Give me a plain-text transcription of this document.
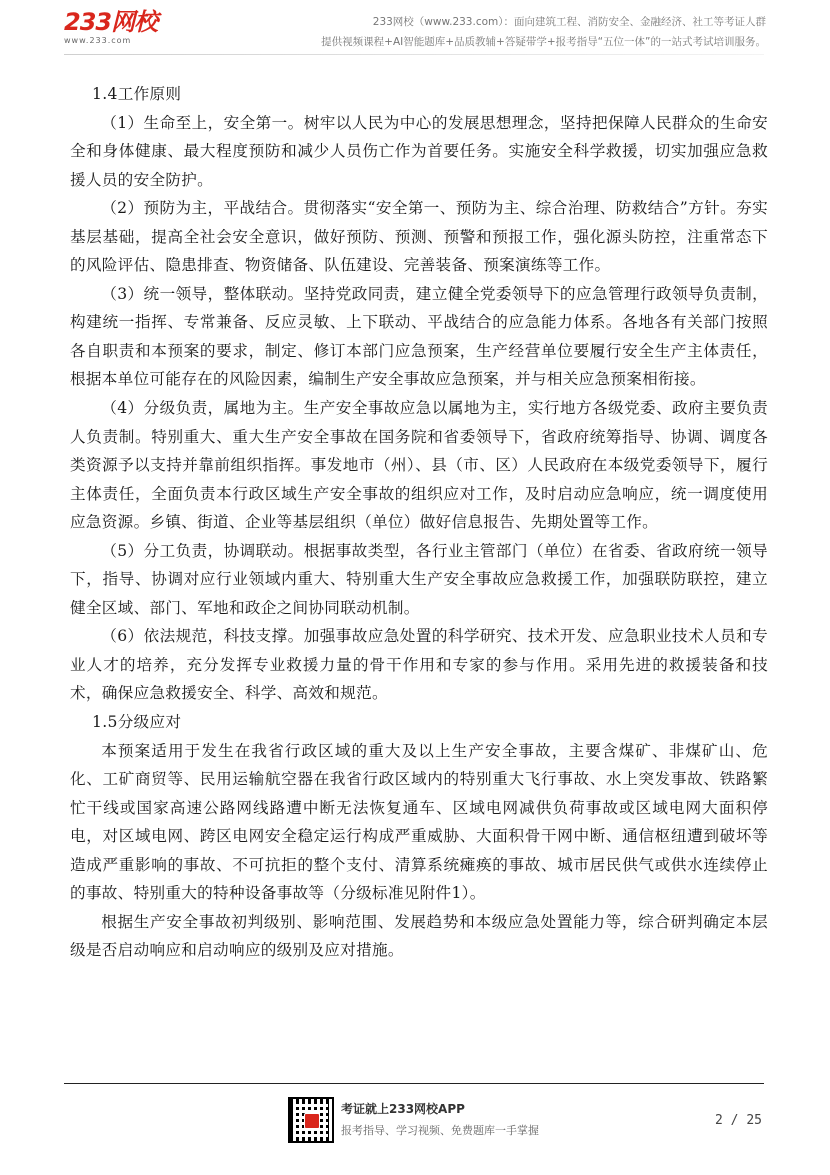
233网校
www.233.com
233网校（www.233.com）：面向建筑工程、消防安全、金融经济、社工等考证人群
提供视频课程+AI智能题库+品质教辅+答疑带学+报考指导“五位一体”的一站式考试培训服务。

1.4工作原则

（1）生命至上，安全第一。树牢以人民为中心的发展思想理念，坚持把保障人民群众的生命安全和身体健康、最大程度预防和减少人员伤亡作为首要任务。实施安全科学救援，切实加强应急救援人员的安全防护。

（2）预防为主，平战结合。贯彻落实“安全第一、预防为主、综合治理、防救结合”方针。夯实基层基础，提高全社会安全意识，做好预防、预测、预警和预报工作，强化源头防控，注重常态下的风险评估、隐患排查、物资储备、队伍建设、完善装备、预案演练等工作。

（3）统一领导，整体联动。坚持党政同责，建立健全党委领导下的应急管理行政领导负责制，构建统一指挥、专常兼备、反应灵敏、上下联动、平战结合的应急能力体系。各地各有关部门按照各自职责和本预案的要求，制定、修订本部门应急预案，生产经营单位要履行安全生产主体责任，根据本单位可能存在的风险因素，编制生产安全事故应急预案，并与相关应急预案相衔接。

（4）分级负责，属地为主。生产安全事故应急以属地为主，实行地方各级党委、政府主要负责人负责制。特别重大、重大生产安全事故在国务院和省委领导下，省政府统筹指导、协调、调度各类资源予以支持并靠前组织指挥。事发地市（州）、县（市、区）人民政府在本级党委领导下，履行主体责任，全面负责本行政区域生产安全事故的组织应对工作，及时启动应急响应，统一调度使用应急资源。乡镇、街道、企业等基层组织（单位）做好信息报告、先期处置等工作。

（5）分工负责，协调联动。根据事故类型，各行业主管部门（单位）在省委、省政府统一领导下，指导、协调对应行业领域内重大、特别重大生产安全事故应急救援工作，加强联防联控，建立健全区域、部门、军地和政企之间协同联动机制。

（6）依法规范，科技支撑。加强事故应急处置的科学研究、技术开发、应急职业技术人员和专业人才的培养，充分发挥专业救援力量的骨干作用和专家的参与作用。采用先进的救援装备和技术，确保应急救援安全、科学、高效和规范。

1.5分级应对

本预案适用于发生在我省行政区域的重大及以上生产安全事故，主要含煤矿、非煤矿山、危化、工矿商贸等、民用运输航空器在我省行政区域内的特别重大飞行事故、水上突发事故、铁路繁忙干线或国家高速公路网线路遭中断无法恢复通车、区域电网减供负荷事故或区域电网大面积停电，对区域电网、跨区电网安全稳定运行构成严重威胁、大面积骨干网中断、通信枢纽遭到破坏等造成严重影响的事故、不可抗拒的整个支付、清算系统瘫痪的事故、城市居民供气或供水连续停止的事故、特别重大的特种设备事故等（分级标准见附件1）。

根据生产安全事故初判级别、影响范围、发展趋势和本级应急处置能力等，综合研判确定本层级是否启动响应和启动响应的级别及应对措施。

考证就上233网校APP
报考指导、学习视频、免费题库一手掌握
2 / 25
